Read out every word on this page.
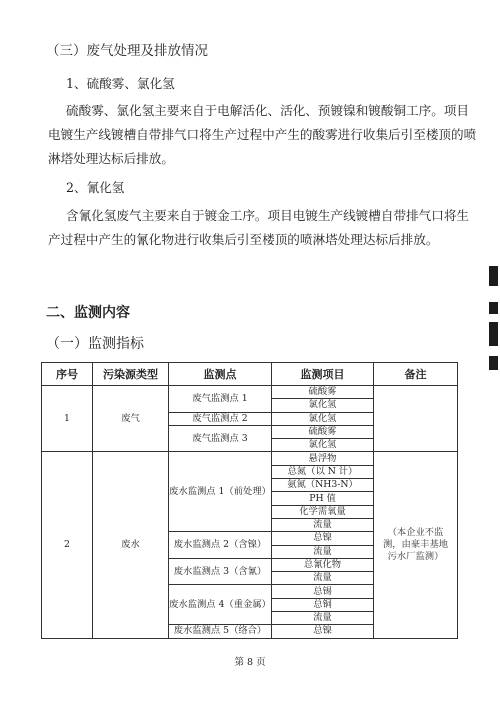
（三）废气处理及排放情况
1、硫酸雾、氯化氢
硫酸雾、氯化氢主要来自于电解活化、活化、预镀镍和镀酸铜工序。项目
电镀生产线镀槽自带排气口将生产过程中产生的酸雾进行收集后引至楼顶的喷
淋塔处理达标后排放。
2、氰化氢
含氰化氢废气主要来自于镀金工序。项目电镀生产线镀槽自带排气口将生
产过程中产生的氰化物进行收集后引至楼顶的喷淋塔处理达标后排放。
二、监测内容
（一）监测指标
序号	污染源类型	监测点	监测项目	备注
1	废气	废气监测点 1	硫酸雾	
			氯化氢	
		废气监测点 2	氯化氢	
		废气监测点 3	硫酸雾	
			氯化氢	
2	废水	废水监测点 1（前处理）	悬浮物	（本企业不监测，由豪丰基地污水厂监测）
			总氮（以 N 计）	
			氨氮（NH3-N）	
			PH 值	
			化学需氧量	
			流量	
		废水监测点 2（含镍）	总镍	
			流量	
		废水监测点 3（含氰）	总氰化物	
			流量	
		废水监测点 4（重金属）	总锡	
			总铜	
			流量	
		废水监测点 5（络合）	总镍	
第 8 页
